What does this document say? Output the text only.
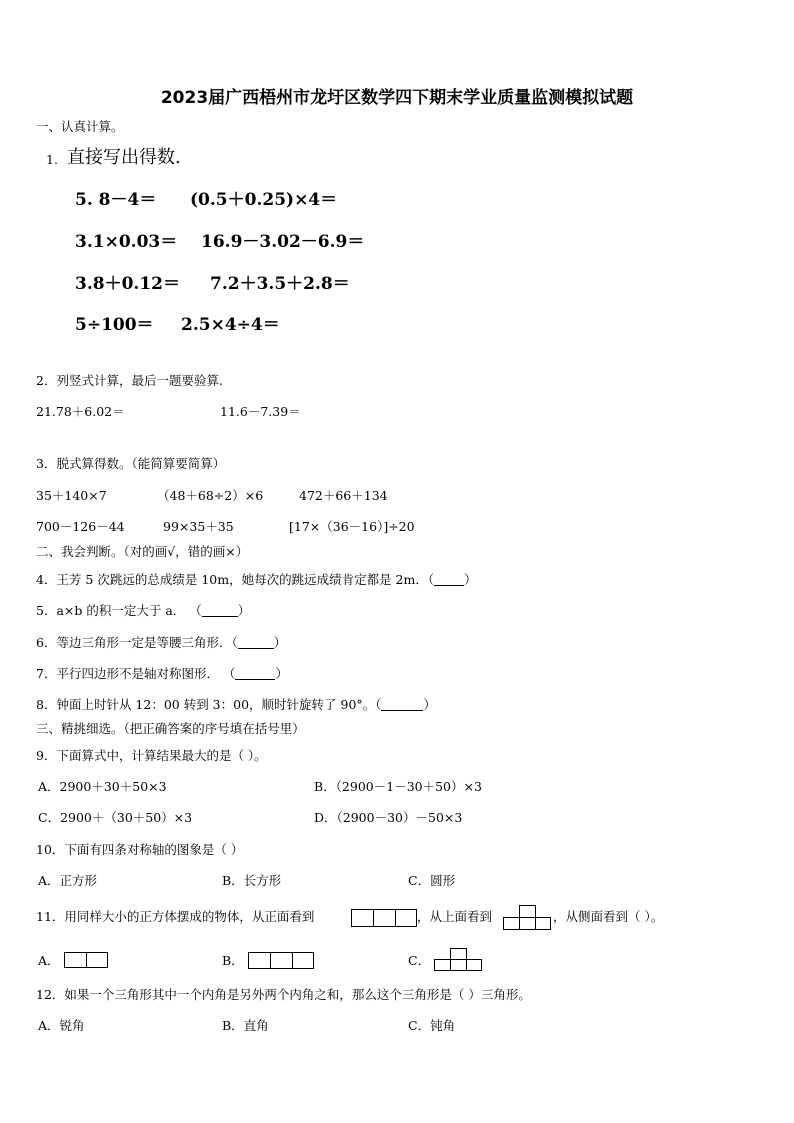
2023届广西梧州市龙圩区数学四下期末学业质量监测模拟试题
一、认真计算。
1. 直接写出得数.
5. 8－4＝ (0.5＋0.25)×4＝
3.1×0.03＝ 16.9－3.02－6.9＝
3.8＋0.12＝ 7.2＋3.5＋2.8＝
5÷100＝ 2.5×4÷4＝
2．列竖式计算，最后一题要验算.
21.78＋6.02＝	11.6－7.39＝
3．脱式算得数。（能简算要简算）
35＋140×7	（48＋68÷2）×6	472＋66＋134
700－126－44	99×35＋35	[17×（36－16）]÷20
二、我会判断。（对的画√，错的画×）
4．王芳 5 次跳远的总成绩是 10m，她每次的跳远成绩肯定都是 2m．（ ）
5．a×b 的积一定大于 a． （	）
6．等边三角形一定是等腰三角形．（	）
7．平行四边形不是轴对称图形． （	）
8．钟面上时针从 12：00 转到 3：00，顺时针旋转了 90°。（	）
三、精挑细选。（把正确答案的序号填在括号里）
9．下面算式中，计算结果最大的是（ ）。
A．2900＋30＋50×3	B．（2900－1－30＋50）×3
C．2900＋（30＋50）×3	D．（2900－30）－50×3
10．下面有四条对称轴的图象是（ ）
A．正方形	B．长方形	C．圆形
11．用同样大小的正方体摆成的物体，从正面看到	，从上面看到	，从侧面看到（ ）。
A．	B．	C．
12．如果一个三角形其中一个内角是另外两个内角之和，那么这个三角形是（ ）三角形。
A．锐角	B．直角	C．钝角
